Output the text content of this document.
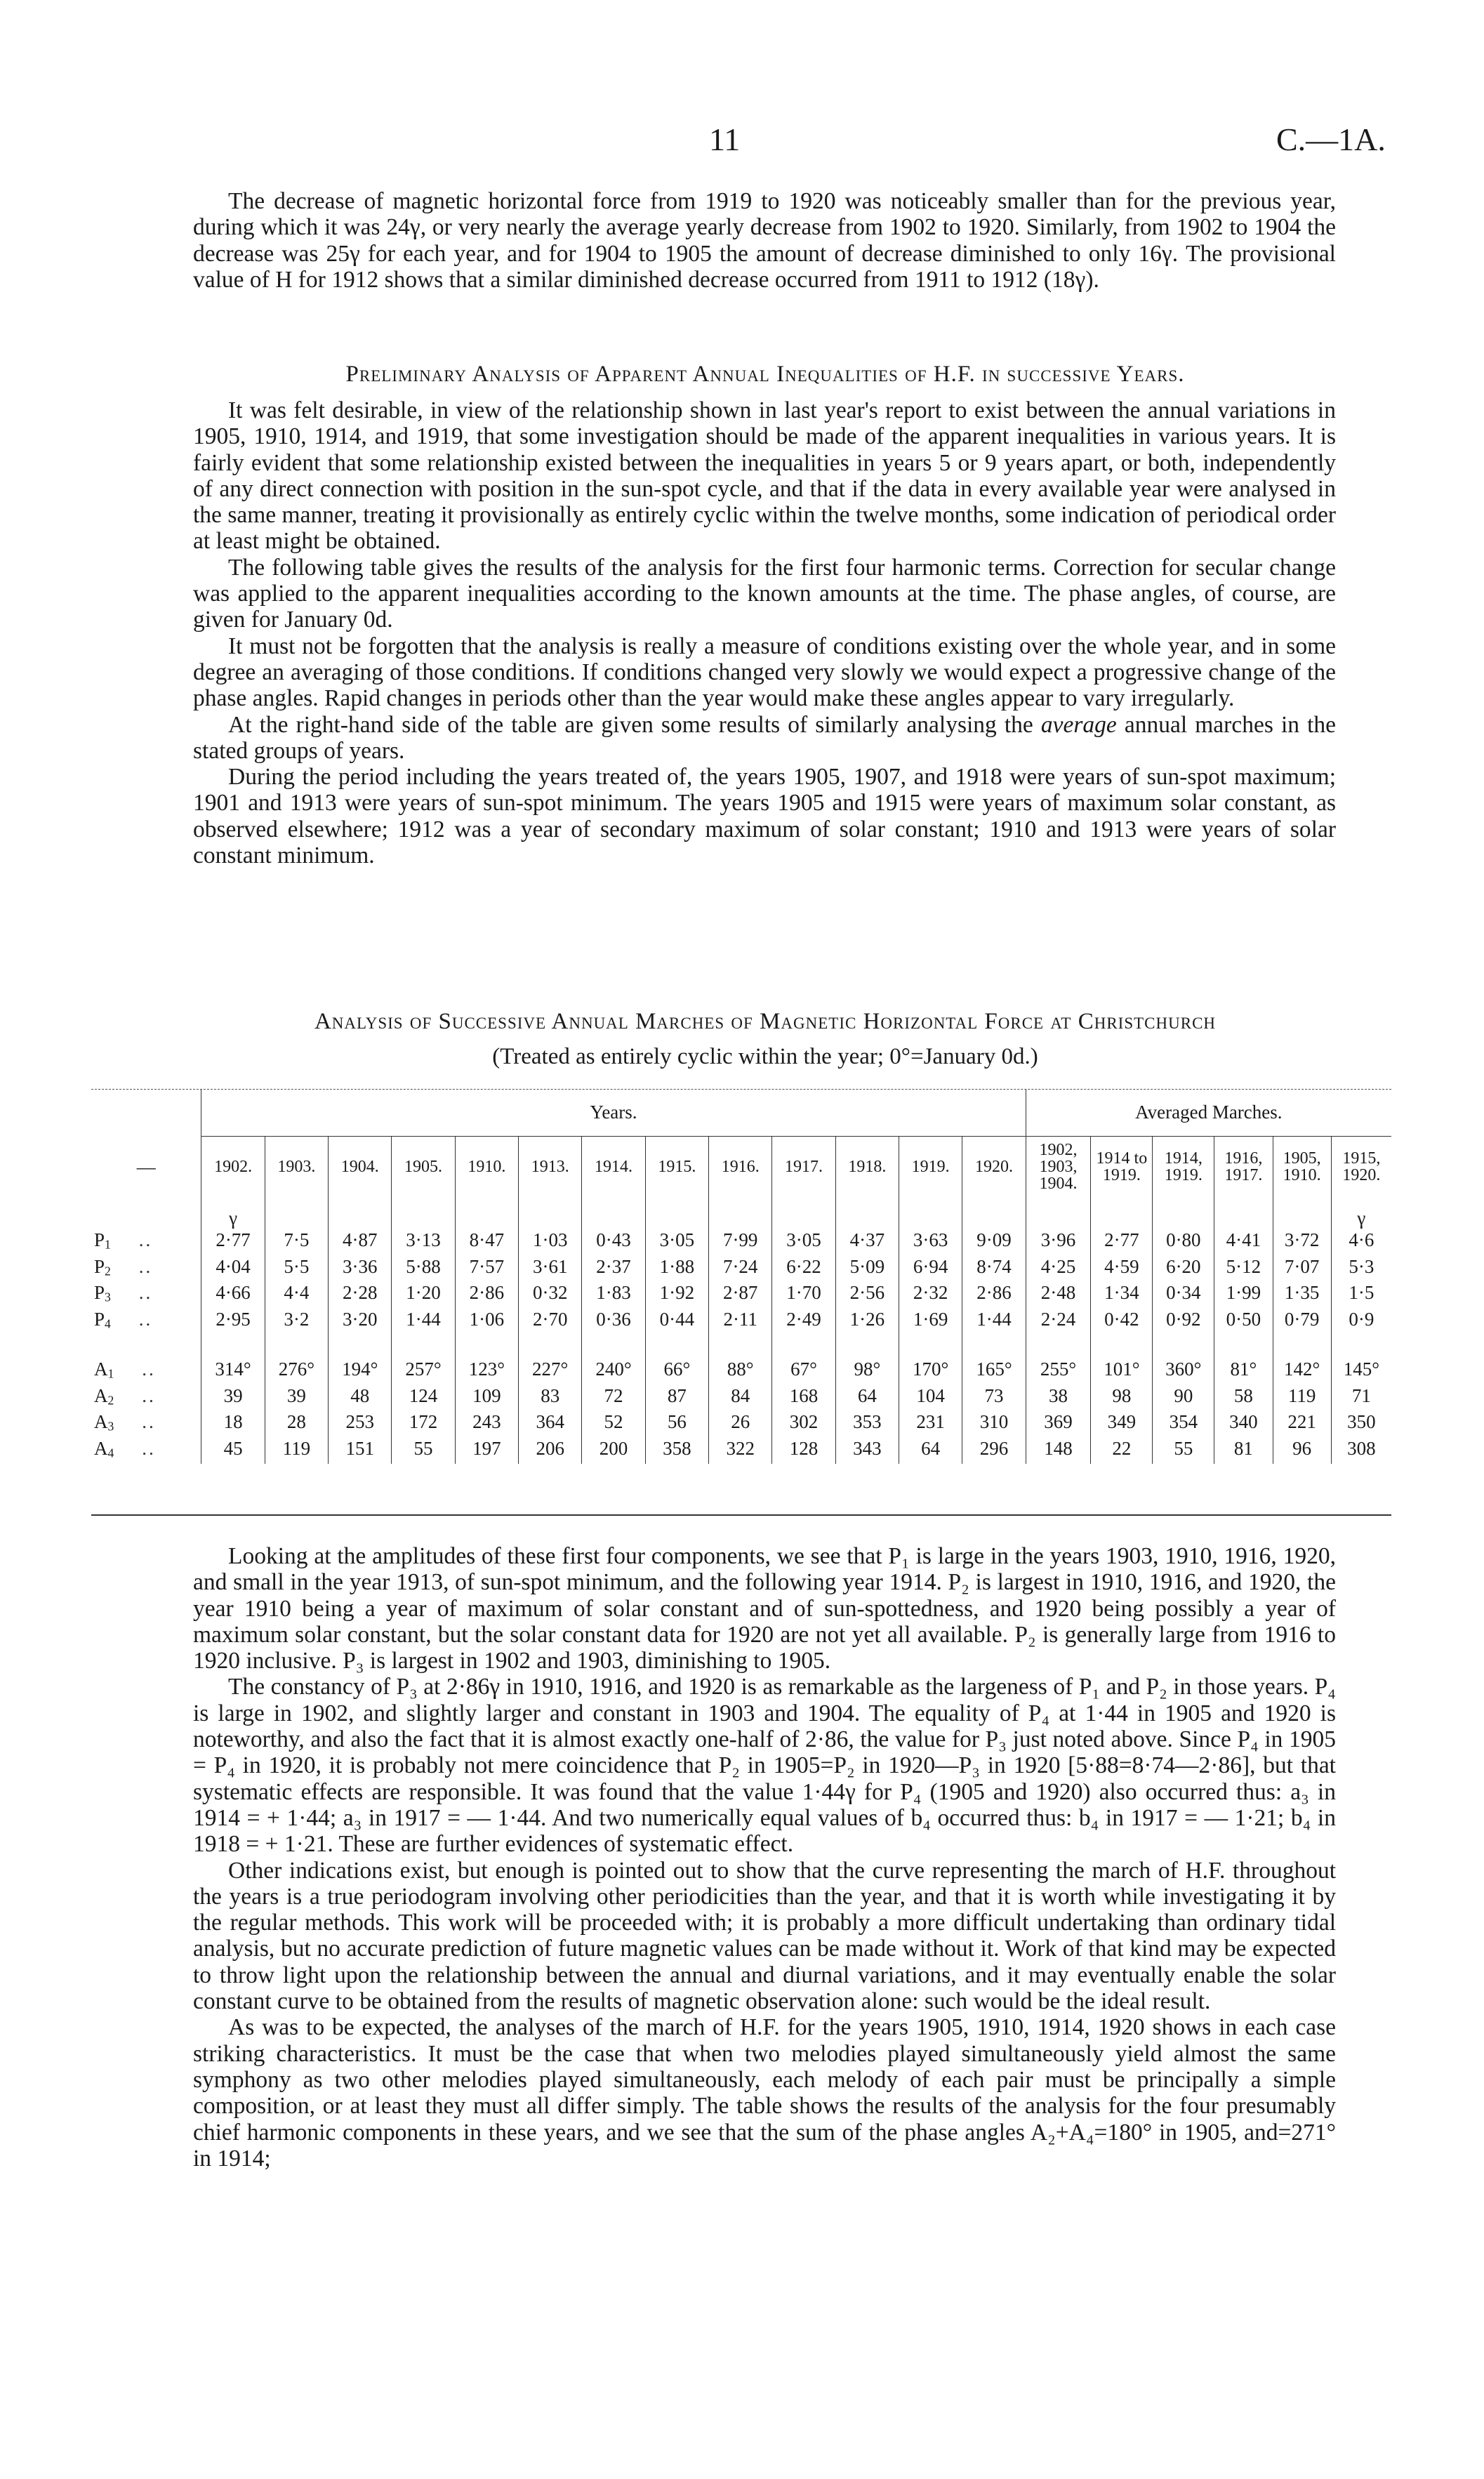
11	C.—1A.

The decrease of magnetic horizontal force from 1919 to 1920 was noticeably smaller than for the previous year, during which it was 24γ, or very nearly the average yearly decrease from 1902 to 1920. Similarly, from 1902 to 1904 the decrease was 25γ for each year, and for 1904 to 1905 the amount of decrease diminished to only 16γ. The provisional value of H for 1912 shows that a similar diminished decrease occurred from 1911 to 1912 (18γ).

Preliminary Analysis of Apparent Annual Inequalities of H.F. in successive Years.

It was felt desirable, in view of the relationship shown in last year's report to exist between the annual variations in 1905, 1910, 1914, and 1919, that some investigation should be made of the apparent inequalities in various years. It is fairly evident that some relationship existed between the inequalities in years 5 or 9 years apart, or both, independently of any direct connection with position in the sun-spot cycle, and that if the data in every available year were analysed in the same manner, treating it provisionally as entirely cyclic within the twelve months, some indication of periodical order at least might be obtained.

The following table gives the results of the analysis for the first four harmonic terms. Correction for secular change was applied to the apparent inequalities according to the known amounts at the time. The phase angles, of course, are given for January 0d.

It must not be forgotten that the analysis is really a measure of conditions existing over the whole year, and in some degree an averaging of those conditions. If conditions changed very slowly we would expect a progressive change of the phase angles. Rapid changes in periods other than the year would make these angles appear to vary irregularly.

At the right-hand side of the table are given some results of similarly analysing the average annual marches in the stated groups of years.

During the period including the years treated of, the years 1905, 1907, and 1918 were years of sun-spot maximum; 1901 and 1913 were years of sun-spot minimum. The years 1905 and 1915 were years of maximum solar constant, as observed elsewhere; 1912 was a year of secondary maximum of solar constant; 1910 and 1913 were years of solar constant minimum.

Analysis of Successive Annual Marches of Magnetic Horizontal Force at Christchurch
(Treated as entirely cyclic within the year; 0°=January 0d.)
	Years.													Averaged Marches.					
—	1902.	1903.	1904.	1905.	1910.	1913.	1914.	1915.	1916.	1917.	1918.	1919.	1920.	1902, 1903, 1904.	1914 to 1919.	1914, 1919.	1916, 1917.	1905, 1910.	1915, 1920.
	γ																		γ
$P_1$ ..	2·77	7·5	4·87	3·13	8·47	1·03	0·43	3·05	7·99	3·05	4·37	3·63	9·09	3·96	2·77	0·80	4·41	3·72	4·6
$P_2$ ..	4·04	5·5	3·36	5·88	7·57	3·61	2·37	1·88	7·24	6·22	5·09	6·94	8·74	4·25	4·59	6·20	5·12	7·07	5·3
$P_3$ ..	4·66	4·4	2·28	1·20	2·86	0·32	1·83	1·92	2·87	1·70	2·56	2·32	2·86	2·48	1·34	0·34	1·99	1·35	1·5
$P_4$ ..	2·95	3·2	3·20	1·44	1·06	2·70	0·36	0·44	2·11	2·49	1·26	1·69	1·44	2·24	0·42	0·92	0·50	0·79	0·9
$A_1$ ..	314°	276°	194°	257°	123°	227°	240°	66°	88°	67°	98°	170°	165°	255°	101°	360°	81°	142°	145°
$A_2$ ..	39	39	48	124	109	83	72	87	84	168	64	104	73	38	98	90	58	119	71
$A_3$ ..	18	28	253	172	243	364	52	56	26	302	353	231	310	369	349	354	340	221	350
$A_4$ ..	45	119	151	55	197	206	200	358	322	128	343	64	296	148	22	55	81	96	308

Looking at the amplitudes of these first four components, we see that P₁ is large in the years 1903, 1910, 1916, 1920, and small in the year 1913, of sun-spot minimum, and the following year 1914. P₂ is largest in 1910, 1916, and 1920, the year 1910 being a year of maximum of solar constant and of sun-spottedness, and 1920 being possibly a year of maximum solar constant, but the solar constant data for 1920 are not yet all available. P₂ is generally large from 1916 to 1920 inclusive. P₃ is largest in 1902 and 1903, diminishing to 1905.

The constancy of P₃ at 2·86γ in 1910, 1916, and 1920 is as remarkable as the largeness of P₁ and P₂ in those years. P₄ is large in 1902, and slightly larger and constant in 1903 and 1904. The equality of P₄ at 1·44 in 1905 and 1920 is noteworthy, and also the fact that it is almost exactly one-half of 2·86, the value for P₃ just noted above. Since P₄ in 1905 = P₄ in 1920, it is probably not mere coincidence that P₂ in 1905=P₂ in 1920—P₃ in 1920 [5·88=8·74—2·86], but that systematic effects are responsible. It was found that the value 1·44γ for P₄ (1905 and 1920) also occurred thus: a₃ in 1914 = + 1·44; a₃ in 1917 = — 1·44. And two numerically equal values of b₄ occurred thus: b₄ in 1917 = — 1·21; b₄ in 1918 = + 1·21. These are further evidences of systematic effect.

Other indications exist, but enough is pointed out to show that the curve representing the march of H.F. throughout the years is a true periodogram involving other periodicities than the year, and that it is worth while investigating it by the regular methods. This work will be proceeded with; it is probably a more difficult undertaking than ordinary tidal analysis, but no accurate prediction of future magnetic values can be made without it. Work of that kind may be expected to throw light upon the relationship between the annual and diurnal variations, and it may eventually enable the solar constant curve to be obtained from the results of magnetic observation alone: such would be the ideal result.

As was to be expected, the analyses of the march of H.F. for the years 1905, 1910, 1914, 1920 shows in each case striking characteristics. It must be the case that when two melodies played simultaneously yield almost the same symphony as two other melodies played simultaneously, each melody of each pair must be principally a simple composition, or at least they must all differ simply. The table shows the results of the analysis for the four presumably chief harmonic components in these years, and we see that the sum of the phase angles A₂+A₄=180° in 1905, and=271° in 1914;
